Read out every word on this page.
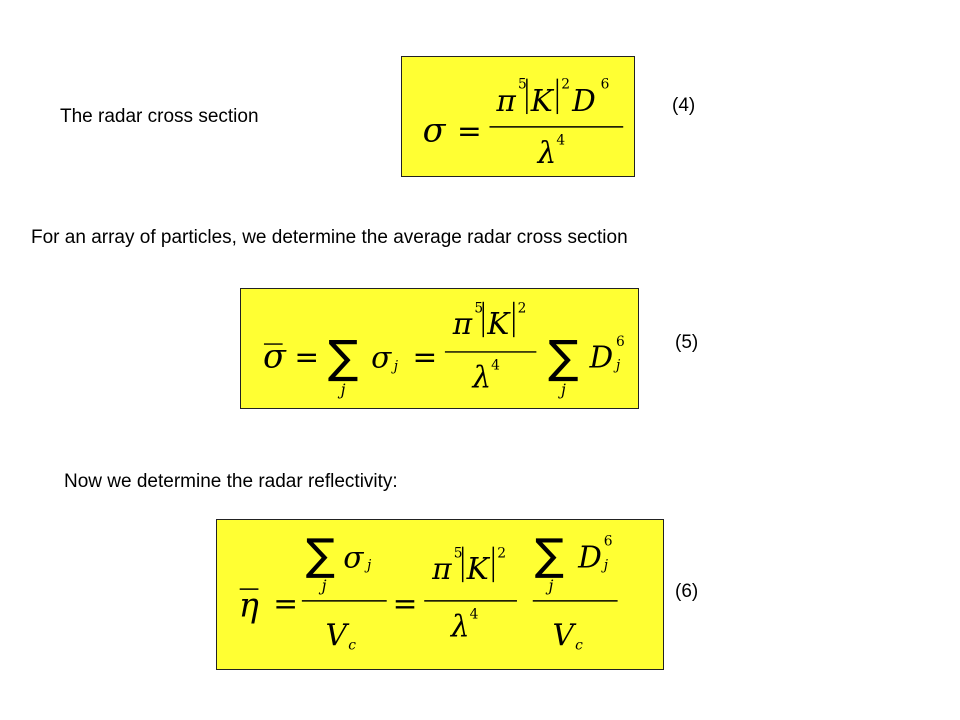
The radar cross section	σ =
π 5 K 2 D 6
λ 4
(4)
For an array of particles, we determine the average radar cross section
σ = ∑
j
σ j =
π 5 K 2
λ 4 ∑
j
D 6
j
(5)
Now we determine the radar reflectivity:
η =
∑
j
σ j
V c
=
π 5 K 2
λ 4
∑
j
D 6
j
V c
(6)
